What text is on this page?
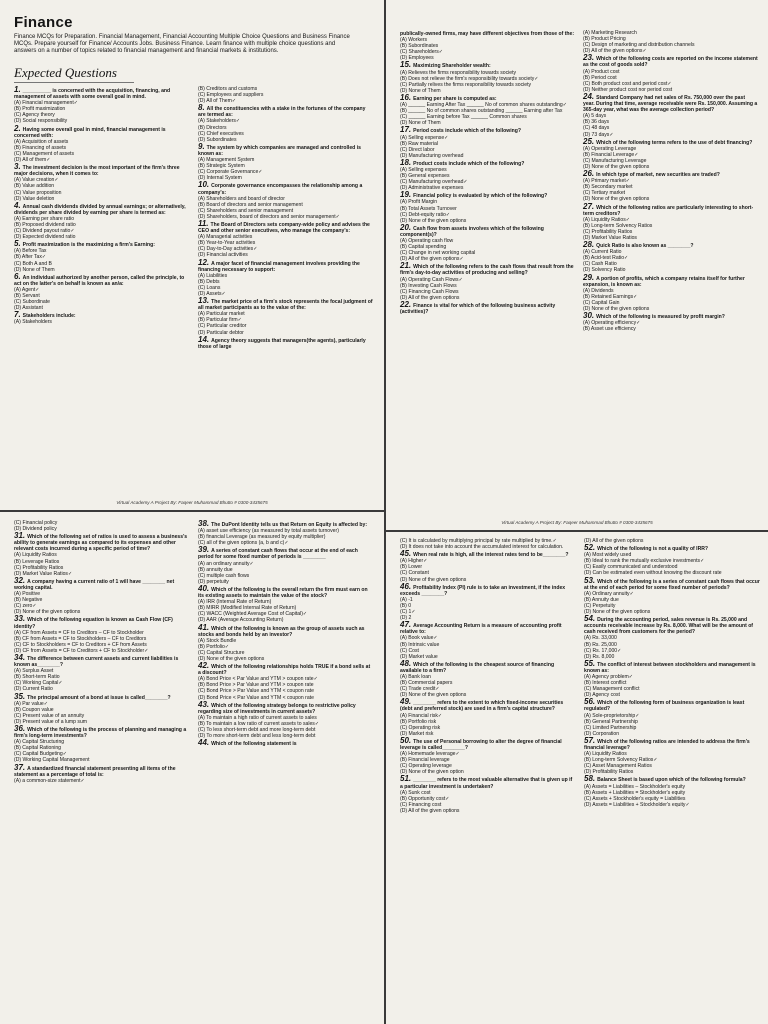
Finance
Finance MCQs for Preparation. Financial Management, Financial Accounting Multiple Choice Questions and Business Finance MCQs. Prepare yourself for Finance/ Accounts Jobs. Business Finance. Learn finance with multiple choice questions and answers on a number of topics related to financial management and financial markets & institutions.
Expected Questions
1. __________ is concerned with the acquisition, financing, and management of assets with some overall goal in mind.
(A) Financial management✓
(B) Profit maximization
(C) Agency theory
(D) Social responsibility
2. Having some overall goal in mind, financial management is concerned with:
(A) Acquisition of assets
(B) Financing of assets
(C) Management of assets
(D) All of them✓
3. The investment decision is the most important of the firm's three major decisions, when it comes to:
(A) Value creation✓
(B) Value addition
(C) Value proposition
(D) Value deletion
4. Annual cash dividends divided by annual earnings; or alternatively, dividends per share divided by earning per share is termed as:
(A) Earning per share ratio
(B) Proposed dividend ratio
(C) Dividend payout ratio✓
(D) Expected dividend ratio
5. Profit maximization is the maximizing a firm's Earning:
(A) Before Tax
(B) After Tax✓
(C) Both A and B
(D) None of Them
6. An individual authorized by another person, called the principle, to act on the latter's on behalf is known as an/a:
(A) Agent✓
(B) Servant
(C) Subordinate
(D) Assistant
7. Stakeholders include:
(A) Stakeholders
(B) Creditors and customs
(C) Employees and suppliers
(D) All of Them✓
8. All the constituencies with a stake in the fortunes of the company are termed as:
(A) Stakeholders✓
(B) Directors
(C) Chief executives
(D) Subordinates
9. The system by which companies are managed and controlled is known as:
(A) Management System
(B) Strategic System
(C) Corporate Governance✓
(D) Internal System
10. Corporate governance encompasses the relationship among a company's:
(A) Shareholders and board of director
(B) Board of directors and senior management
(C) Shareholders and senior management
(D) Shareholders, board of directors and senior management✓
11. The Board of Directors sets company-wide policy and advises the CEO and other senior executives, who manage the company's:
(A) Managerial activities
(B) Year-to-Year activities
(C) Day-to-Day activities✓
(D) Financial activities
12. A major facet of financial management involves providing the financing necessary to support:
(A) Liabilities
(B) Debts
(C) Loans
(D) Assets✓
13. The market price of a firm's stock represents the focal judgment of all market participants as to the value of the:
(A) Particular market
(B) Particular firm✓
(C) Particular creditor
(D) Particular debtor
14. Agency theory suggests that managers(the agents), particularly those of large
Virtual Academy A Project By: Faqeer Muhammad Bhutto # 0300-3435675
publically-owned firms, may have different objectives from those of the:
(A) Workers
(B) Subordinates
(C) Shareholders✓
(D) Employees
15. Maximizing Shareholder wealth:
(A) Relieves the firms responsibility towards society
(B) Does not relieve the firm's responsibility towards society✓
(C) Partially relives the firms responsibility towards society
(D) None of Them
16. Earning per share is computed as:
(A) ______ Earning After Tax ______ No of common shares outstanding✓
(B) ______ No of common shares outstanding ______ Earning after Tax
(C) ______ Earning before Tax ______ Common shares
(D) None of Them
17. Period costs include which of the following?
(A) Selling expense✓
(B) Raw material
(C) Direct labor
(D) Manufacturing overhead
18. Product costs include which of the following?
(A) Selling expenses
(B) General expenses
(C) Manufacturing overhead✓
(D) Administrative expenses
19. Financial policy is evaluated by which of the following?
(A) Profit Margin
(B) Total Assets Turnover
(C) Debt-equity ratio✓
(D) None of the given options
20. Cash flow from assets involves which of the following component(s)?
(A) Operating cash flow
(B) Capital spending
(C) Change in net working capital
(D) All of the given options✓
21. Which of the following refers to the cash flows that result from the firm's day-to-day activities of producing and selling?
(A) Operating Cash Flows✓
(B) Investing Cash Flows
(C) Financing Cash Flows
(D) All of the given options
22. Finance is vital for which of the following business activity (activities)?
(A) Marketing Research
(B) Product Pricing
(C) Design of marketing and distribution channels
(D) All of the given options✓
23. Which of the following costs are reported on the income statement as the cost of goods sold?
(A) Product cost
(B) Period cost
(C) Both product cost and period cost✓
(D) Neither product cost nor period cost
24. Standard Company had net sales of Rs. 750,000 over the past year. During that time, average receivable were Rs. 150,000. Assuming a 365-day year, what was the average collection period?
(A) 5 days
(B) 36 days
(C) 48 days
(D) 73 days✓
25. Which of the following terms refers to the use of debt financing?
(A) Operating Leverage
(B) Financial Leverage✓
(C) Manufacturing Leverage
(D) None of the given options
26. In which type of market, new securities are traded?
(A) Primary market✓
(B) Secondary market
(C) Tertiary market
(D) None of the given options
27. Which of the following ratios are particularly interesting to short-term creditors?
(A) Liquidity Ratios✓
(B) Long-term Solvency Ratios
(C) Profitability Ratios
(D) Market Value Ratios
28. Quick Ratio is also known as ________?
(A) Current Ratio
(B) Acid-test Ratio✓
(C) Cash Ratio
(D) Solvency Ratio
29. A portion of profits, which a company retains itself for further expansion, is known as:
(A) Dividends
(B) Retained Earnings✓
(C) Capital Gain
(D) None of the given options
30. Which of the following is measured by profit margin?
(A) Operating efficiency✓
(B) Asset use efficiency
Virtual Academy A Project By: Faqeer Muhammad Bhutto # 0300-3435675
(C) Financial policy
(D) Dividend policy
31. Which of the following set of ratios is used to assess a business's ability to generate earnings as compared to its expenses and other relevant costs incurred during a specific period of time?
(A) Liquidity Ratios
(B) Leverage Ratios
(C) Profitability Ratios
(D) Market Value Ratios✓
32. A company having a current ratio of 1 will have ________ net working capital.
(A) Positive
(B) Negative
(C) zero✓
(D) None of the given options
33. Which of the following equation is known as Cash Flow (CF) identity?
(A) CF from Assets = CF to Creditors – CF to Stockholder
(B) CF from Assets = CF to Stockholders – CF to Creditors
(C) CF to Stockholders = CF to Creditors + CF from Assets
(D) CF from Assets = CF to Creditors + CF to Stockholder✓
34. The difference between current assets and current liabilities is known as________?
(A) Surplus Asset
(B) Short-term Ratio
(C) Working Capital✓
(D) Current Ratio
35. The principal amount of a bond at issue is called________?
(A) Par value✓
(B) Coupon value
(C) Present value of an annuity
(D) Present value of a lump sum
36. Which of the following is the process of planning and managing a firm's long-term investments?
(A) Capital Structuring
(B) Capital Rationing
(C) Capital Budgeting✓
(D) Working Capital Management
37. A standardized financial statement presenting all items of the statement as a percentage of total is:
(A) a common-size statement✓
38. The DuPont Identity tells us that Return on Equity is affected by:
(A) asset use efficiency (as measured by total assets turnover)
(B) financial Leverage (as measured by equity multiplier)
(C) all of the given options (a, b and c)✓
39. A series of constant cash flows that occur at the end of each period for some fixed number of periods is ________
(A) an ordinary annuity✓
(B) annuity due
(C) multiple cash flows
(D) perpetuity
40. Which of the following is the overall return the firm must earn on its existing assets to maintain the value of the stock?
(A) IRR (Internal Rate of Return)
(B) MIRR (Modified Internal Rate of Return)
(C) WACC (Weighted Average Cost of Capital)✓
(D) AAR (Average Accounting Return)
41. Which of the following is known as the group of assets such as stocks and bonds held by an investor?
(A) Stock Bundle
(B) Portfolio✓
(C) Capital Structure
(D) None of the given options
42. Which of the following relationships holds TRUE if a bond sells at a discount?
(A) Bond Price < Par Value and YTM > coupon rate✓
(B) Bond Price > Par Value and YTM > coupon rate
(C) Bond Price > Par Value and YTM < coupon rate
(D) Bond Price < Par Value and YTM < coupon rate
43. Which of the following strategy belongs to restrictive policy regarding size of investments in current assets?
(A) To maintain a high ratio of current assets to sales
(B) To maintain a low ratio of current assets to sales✓
(C) To less short-term debt and more long-term debt
(D) To more short-term debt and less long-term debt
44. Which of the following statement is
(C) It is calculated by multiplying principal by rate multiplied by time.✓
(D) It does not take into account the accumulated interest for calculation.
45. When real rate is high, all the interest rates tend to be________?
(A) Higher✓
(B) Lower
(C) Constant
(D) None of the given options
46. Profitability Index (PI) rule is to take an investment, if the index exceeds ________?
(A) -1
(B) 0
(C) 1✓
(D) 2
47. Average Accounting Return is a measure of accounting profit relative to:
(A) Book value✓
(B) Intrinsic value
(C) Cost
(D) Market value
48. Which of the following is the cheapest source of financing available to a firm?
(A) Bank loan
(B) Commercial papers
(C) Trade credit✓
(D) None of the given options
49. ________ refers to the extent to which fixed-income securities (debt and preferred stock) are used in a firm's capital structure?
(A) Financial risk✓
(B) Portfolio risk
(C) Operating risk
(D) Market risk
50. The use of Personal borrowing to alter the degree of financial leverage is called________?
(A) Homemade leverage✓
(B) Financial leverage
(C) Operating leverage
(D) None of the given option
51. ________ refers to the most valuable alternative that is given up if a particular investment is undertaken?
(A) Sunk cost
(B) Opportunity cost✓
(C) Financing cost
(D) All of the given options
(D) All of the given options
52. Which of the following is not a quality of IRR?
(A) Most widely used
(B) Ideal to rank the mutually exclusive investments✓
(C) Easily communicated and understood
(D) Can be estimated even without knowing the discount rate
53. Which of the following is a series of constant cash flows that occur at the end of each period for some fixed number of periods?
(A) Ordinary annuity✓
(B) Annuity due
(C) Perpetuity
(D) None of the given options
54. During the accounting period, sales revenue is Rs. 25,000 and accounts receivable increase by Rs. 8,000. What will be the amount of cash received from customers for the period?
(A) Rs. 33,000
(B) Rs. 25,000
(C) Rs. 17,000✓
(D) Rs. 8,000
55. The conflict of interest between stockholders and management is known as:
(A) Agency problem✓
(B) Interest conflict
(C) Management conflict
(D) Agency cost
56. Which of the following form of business organization is least regulated?
(A) Sole-proprietorship✓
(B) General Partnership
(C) Limited Partnership
(D) Corporation
57. Which of the following ratios are intended to address the firm's financial leverage?
(A) Liquidity Ratios
(B) Long-term Solvency Ratios✓
(C) Asset Management Ratios
(D) Profitability Ratios
58. Balance Sheet is based upon which of the following formula?
(A) Assets = Liabilities – Stockholder's equity
(B) Assets + Liabilities = Stockholder's equity
(C) Assets + Stockholder's equity = Liabilities
(D) Assets = Liabilities + Stockholder's equity✓
